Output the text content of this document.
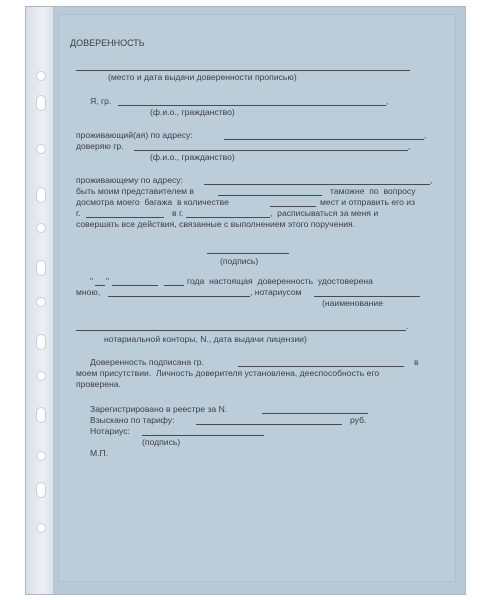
ДОВЕРЕННОСТЬ
(место и дата выдачи доверенности прописью)
Я, гр.	,
(ф.и.о., гражданство)
проживающий(ая) по адресу:	,
доверяю гр.	,
(ф.и.о., гражданство)
проживающему по адресу:	,
быть моим представителем в	таможне  по  вопросу
досмотра моего  багажа  в количестве	мест и отправить его из
г.	в г.	,  расписываться за меня и
совершать все действия, связанные с выполнением этого поручения.
(подпись)
" "	года  настоящая  доверенность  удостоверена
мною,	, нотариусом
(наименование
.
нотариальной конторы, N., дата выдачи лицензии)
Доверенность подписана гр.	в
моем присутствии.  Личность доверителя установлена, дееспособность его
проверена.
Зарегистрировано в реестре за N.
Взыскано по тарифу:	руб.
Нотариус:
(подпись)
М.П.
